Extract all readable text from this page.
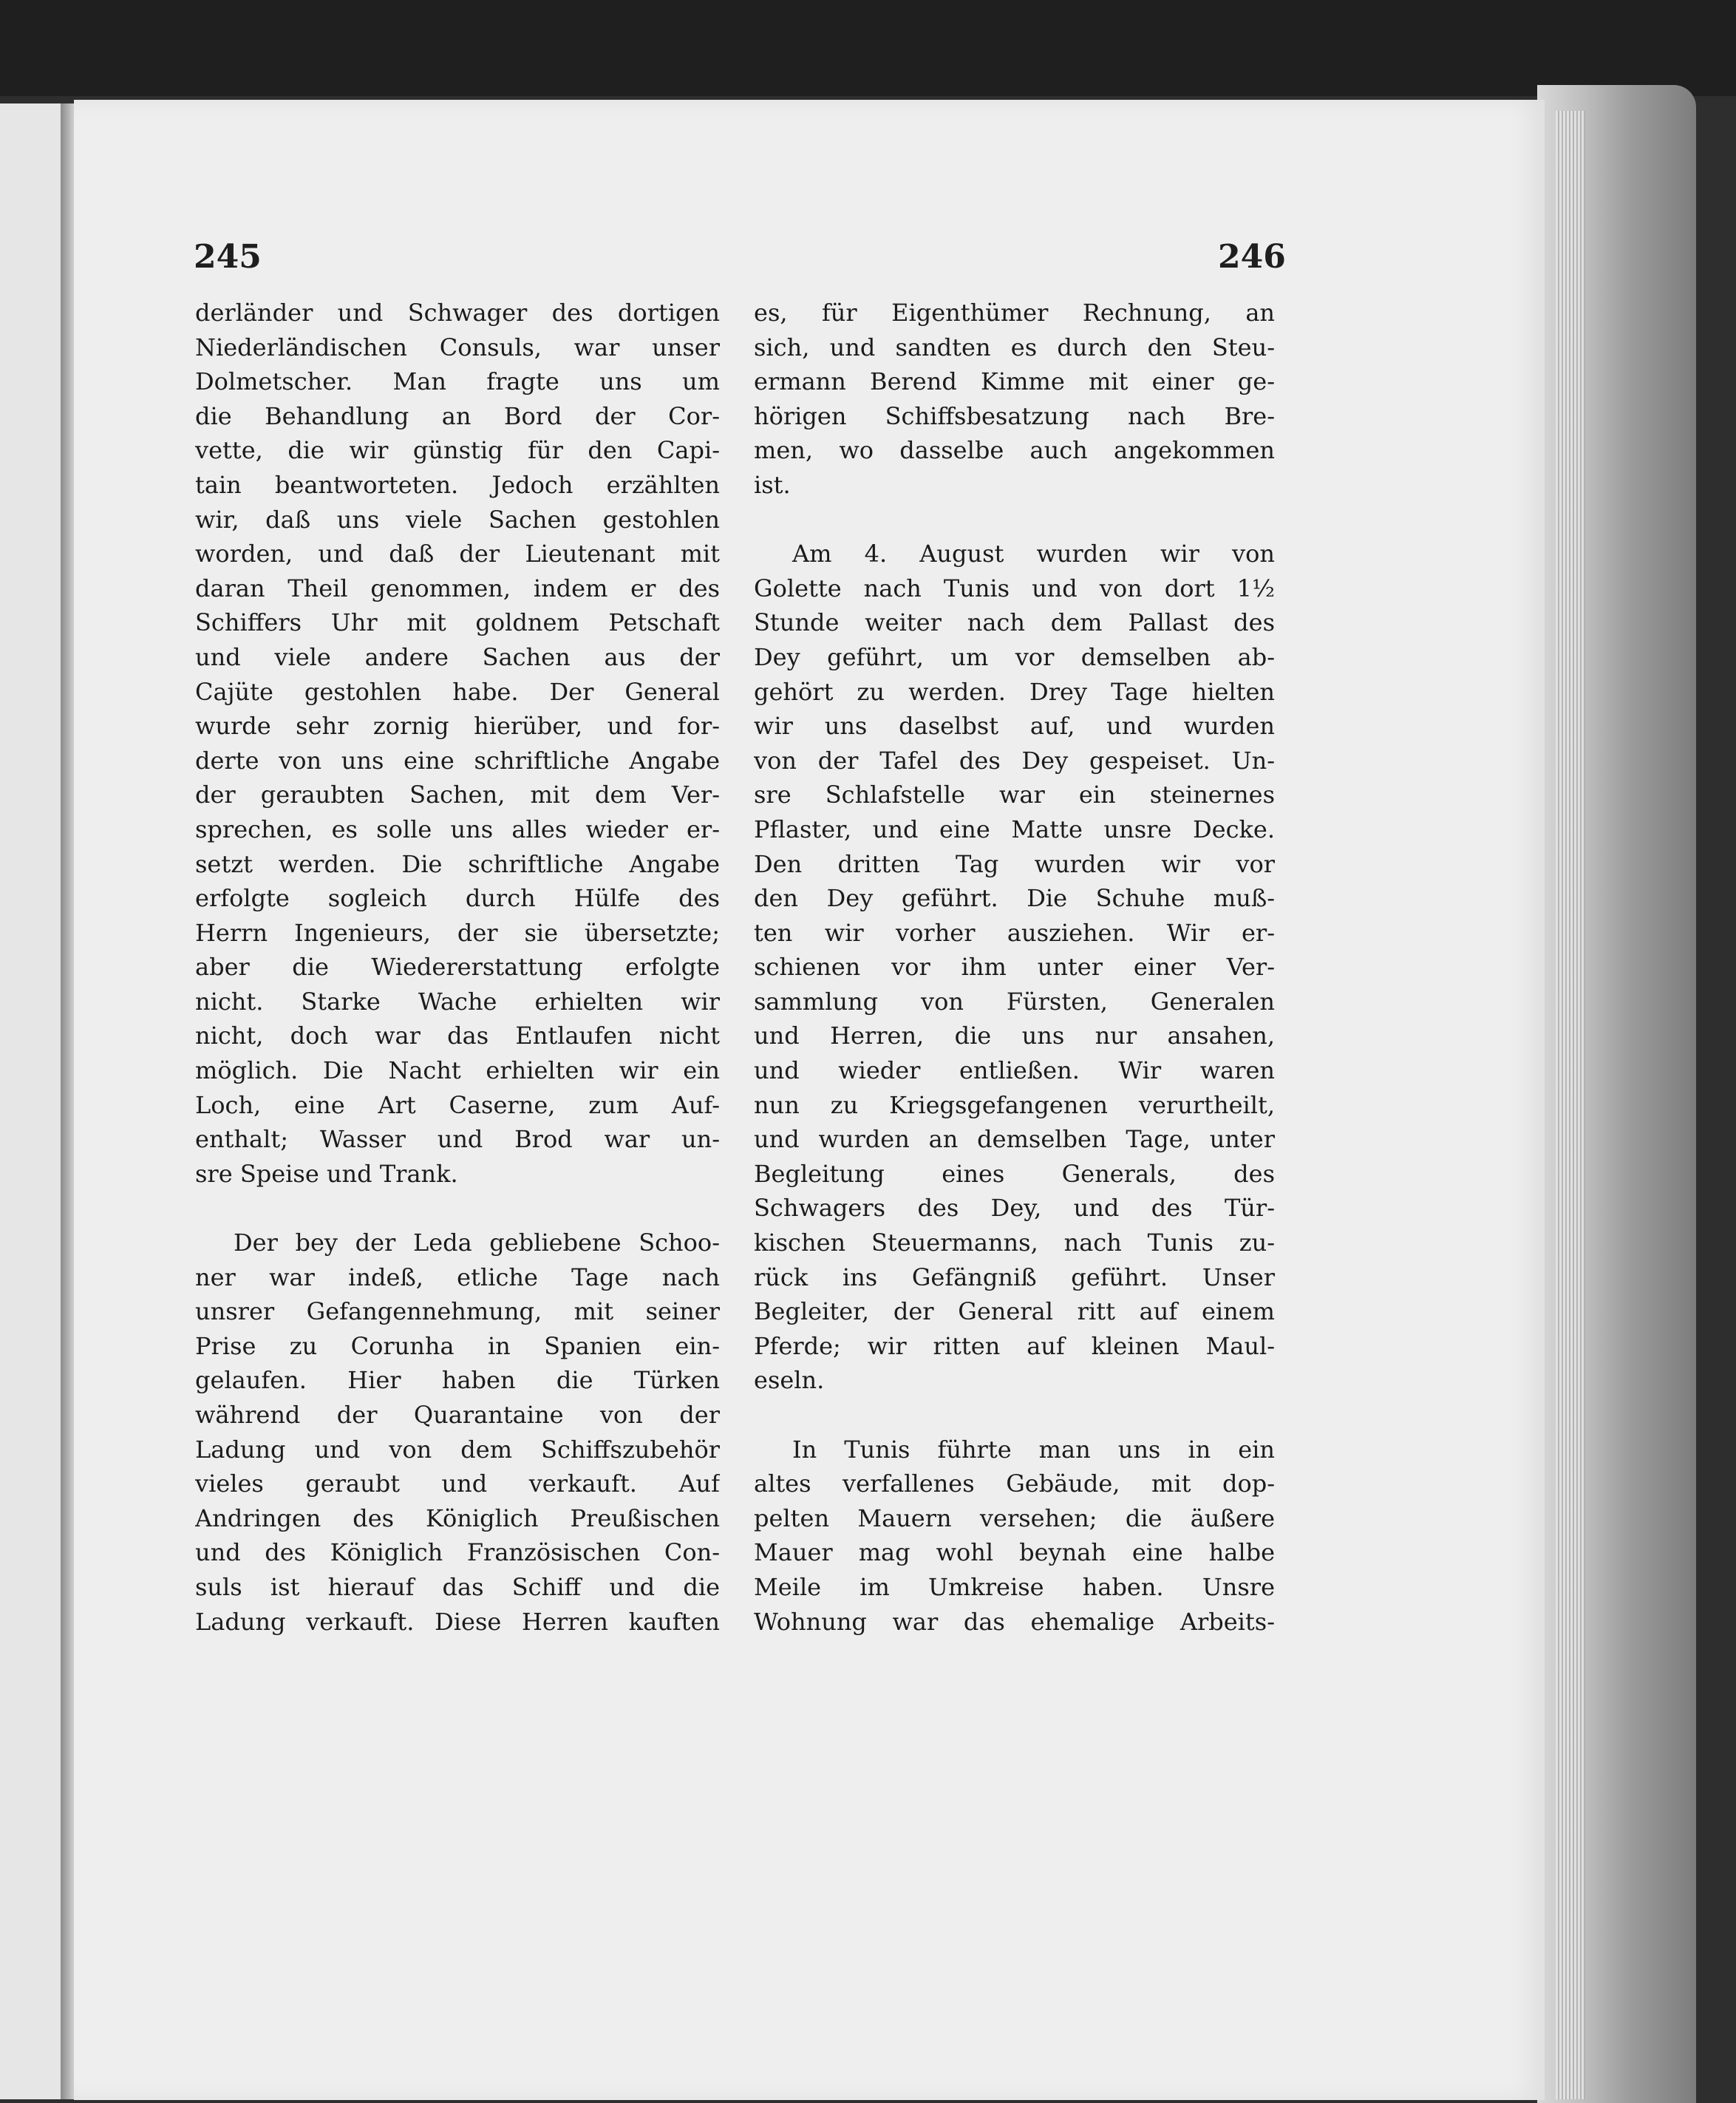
245	246
derländer und Schwager des dortigen
Niederländischen Consuls, war unser
Dolmetscher. Man fragte uns um
die Behandlung an Bord der Cor-
vette, die wir günstig für den Capi-
tain beantworteten. Jedoch erzählten
wir, daß uns viele Sachen gestohlen
worden, und daß der Lieutenant mit
daran Theil genommen, indem er des
Schiffers Uhr mit goldnem Petschaft
und viele andere Sachen aus der
Cajüte gestohlen habe. Der General
wurde sehr zornig hierüber, und for-
derte von uns eine schriftliche Angabe
der geraubten Sachen, mit dem Ver-
sprechen, es solle uns alles wieder er-
setzt werden. Die schriftliche Angabe
erfolgte sogleich durch Hülfe des
Herrn Ingenieurs, der sie übersetzte;
aber die Wiedererstattung erfolgte
nicht. Starke Wache erhielten wir
nicht, doch war das Entlaufen nicht
möglich. Die Nacht erhielten wir ein
Loch, eine Art Caserne, zum Auf-
enthalt; Wasser und Brod war un-
sre Speise und Trank.
Der bey der Leda gebliebene Schoo-
ner war indeß, etliche Tage nach
unsrer Gefangennehmung, mit seiner
Prise zu Corunha in Spanien ein-
gelaufen. Hier haben die Türken
während der Quarantaine von der
Ladung und von dem Schiffszubehör
vieles geraubt und verkauft. Auf
Andringen des Königlich Preußischen
und des Königlich Französischen Con-
suls ist hierauf das Schiff und die
Ladung verkauft. Diese Herren kauften
es, für Eigenthümer Rechnung, an
sich, und sandten es durch den Steu-
ermann Berend Kimme mit einer ge-
hörigen Schiffsbesatzung nach Bre-
men, wo dasselbe auch angekommen
ist.
Am 4. August wurden wir von
Golette nach Tunis und von dort 1½
Stunde weiter nach dem Pallast des
Dey geführt, um vor demselben ab-
gehört zu werden. Drey Tage hielten
wir uns daselbst auf, und wurden
von der Tafel des Dey gespeiset. Un-
sre Schlafstelle war ein steinernes
Pflaster, und eine Matte unsre Decke.
Den dritten Tag wurden wir vor
den Dey geführt. Die Schuhe muß-
ten wir vorher ausziehen. Wir er-
schienen vor ihm unter einer Ver-
sammlung von Fürsten, Generalen
und Herren, die uns nur ansahen,
und wieder entließen. Wir waren
nun zu Kriegsgefangenen verurtheilt,
und wurden an demselben Tage, unter
Begleitung eines Generals, des
Schwagers des Dey, und des Tür-
kischen Steuermanns, nach Tunis zu-
rück ins Gefängniß geführt. Unser
Begleiter, der General ritt auf einem
Pferde; wir ritten auf kleinen Maul-
eseln.
In Tunis führte man uns in ein
altes verfallenes Gebäude, mit dop-
pelten Mauern versehen; die äußere
Mauer mag wohl beynah eine halbe
Meile im Umkreise haben. Unsre
Wohnung war das ehemalige Arbeits-
